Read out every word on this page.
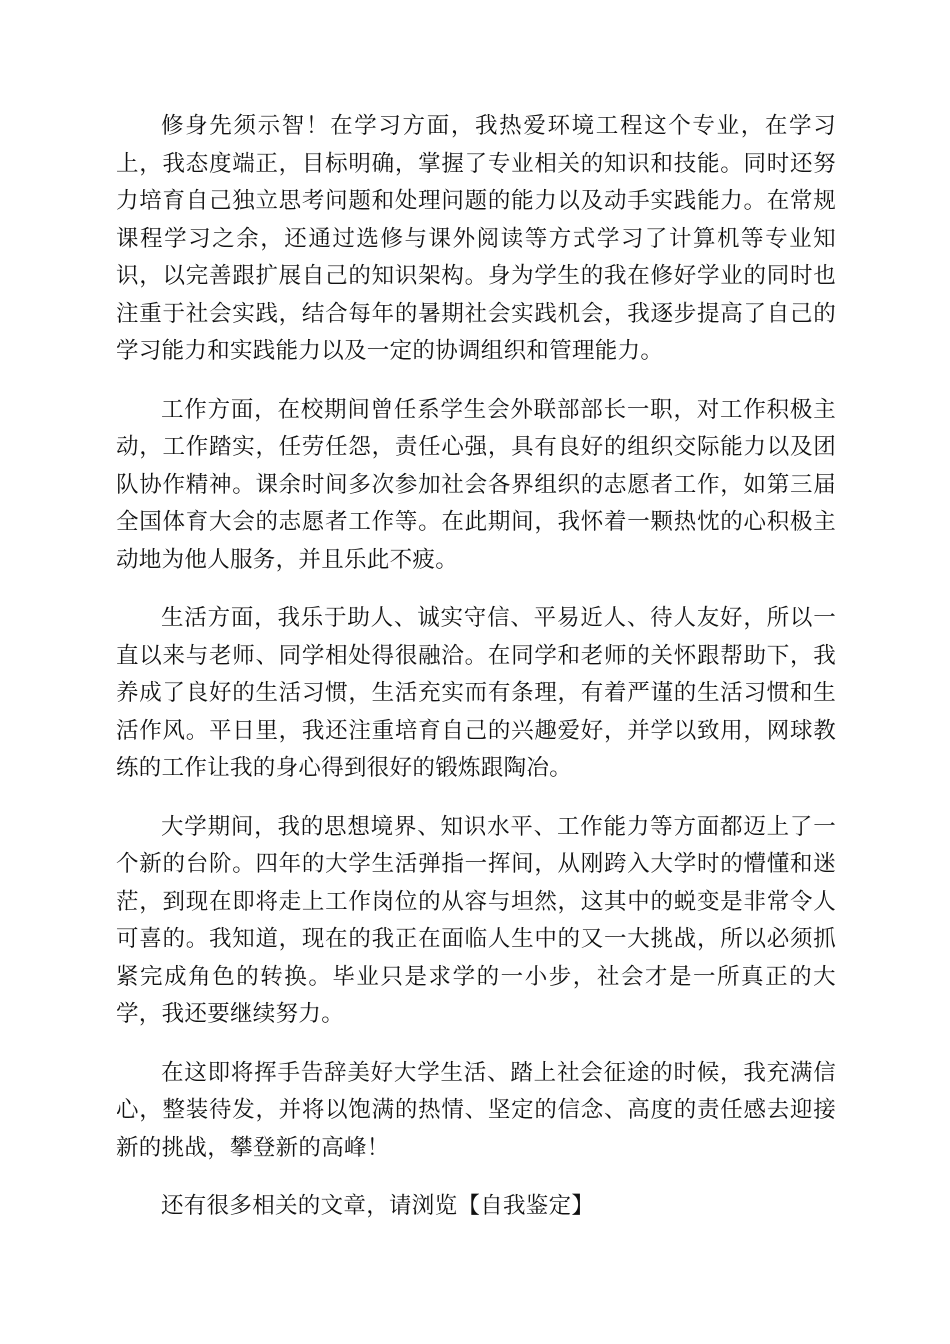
修身先须示智！在学习方面，我热爱环境工程这个专业，在学习上，我态度端正，目标明确，掌握了专业相关的知识和技能。同时还努力培育自己独立思考问题和处理问题的能力以及动手实践能力。在常规课程学习之余，还通过选修与课外阅读等方式学习了计算机等专业知识，以完善跟扩展自己的知识架构。身为学生的我在修好学业的同时也注重于社会实践，结合每年的暑期社会实践机会，我逐步提高了自己的学习能力和实践能力以及一定的协调组织和管理能力。

工作方面，在校期间曾任系学生会外联部部长一职，对工作积极主动，工作踏实，任劳任怨，责任心强，具有良好的组织交际能力以及团队协作精神。课余时间多次参加社会各界组织的志愿者工作，如第三届全国体育大会的志愿者工作等。在此期间，我怀着一颗热忱的心积极主动地为他人服务，并且乐此不疲。

生活方面，我乐于助人、诚实守信、平易近人、待人友好，所以一直以来与老师、同学相处得很融洽。在同学和老师的关怀跟帮助下，我养成了良好的生活习惯，生活充实而有条理，有着严谨的生活习惯和生活作风。平日里，我还注重培育自己的兴趣爱好，并学以致用，网球教练的工作让我的身心得到很好的锻炼跟陶冶。

大学期间，我的思想境界、知识水平、工作能力等方面都迈上了一个新的台阶。四年的大学生活弹指一挥间，从刚跨入大学时的懵懂和迷茫，到现在即将走上工作岗位的从容与坦然，这其中的蜕变是非常令人可喜的。我知道，现在的我正在面临人生中的又一大挑战，所以必须抓紧完成角色的转换。毕业只是求学的一小步，社会才是一所真正的大学，我还要继续努力。

在这即将挥手告辞美好大学生活、踏上社会征途的时候，我充满信心，整装待发，并将以饱满的热情、坚定的信念、高度的责任感去迎接新的挑战，攀登新的高峰！

还有很多相关的文章，请浏览【自我鉴定】
